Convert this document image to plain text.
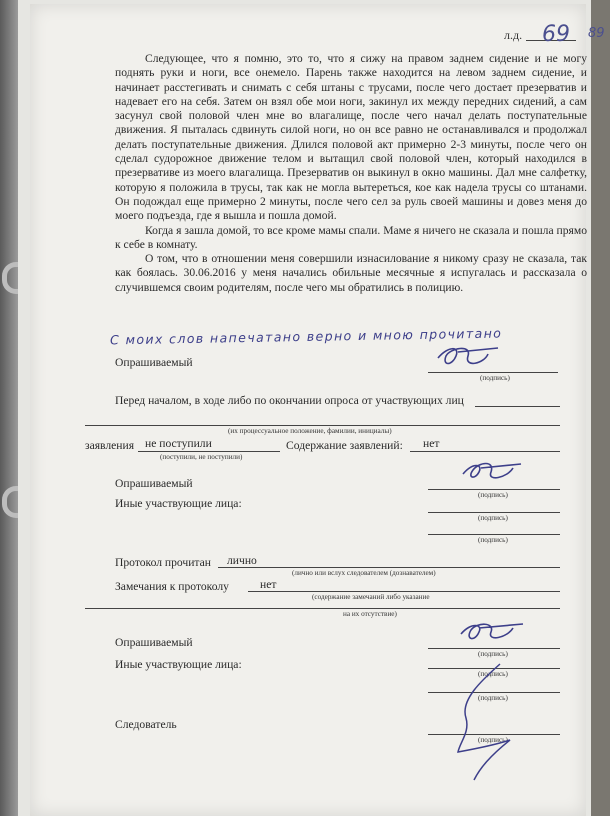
л.д. 69 89

Следующее, что я помню, это то, что я сижу на правом заднем сидение и не могу поднять руки и ноги, все онемело. Парень также находится на левом заднем сидение, и начинает расстегивать и снимать с себя штаны с трусами, после чего достает презерватив и надевает его на себя. Затем он взял обе мои ноги, закинул их между передних сидений, а сам засунул свой половой член мне во влагалище, после чего начал делать поступательные движения. Я пыталась сдвинуть силой ноги, но он все равно не останавливался и продолжал делать поступательные движения. Длился половой акт примерно 2-3 минуты, после чего он сделал судорожное движение телом и вытащил свой половой член, который находился в презервативе из моего влагалища. Презерватив он выкинул в окно машины. Дал мне салфетку, которую я положила в трусы, так как не могла вытереться, кое как надела трусы со штанами. Он подождал еще примерно 2 минуты, после чего сел за руль своей машины и довез меня до моего подъезда, где я вышла и пошла домой.

Когда я зашла домой, то все кроме мамы спали. Маме я ничего не сказала и пошла прямо к себе в комнату.

О том, что в отношении меня совершили изнасилование я никому сразу не сказала, так как боялась. 30.06.2016 у меня начались обильные месячные я испугалась и рассказала о случившемся своим родителям, после чего мы обратились в полицию.

С моих слов напечатано верно и мною прочитано
Опрашиваемый
(подпись)
Перед началом, в ходе либо по окончании опроса от участвующих лиц
(их процессуальное положение, фамилии, инициалы)
заявления не поступили
(поступили, не поступили)
Содержание заявлений: нет
Опрашиваемый
(подпись)
Иные участвующие лица:
(подпись)
(подпись)
Протокол прочитан лично
(лично или вслух следователем (дознавателем)
Замечания к протоколу	нет
(содержание замечаний либо указание
на их отсутствие)
Опрашиваемый
(подпись)
Иные участвующие лица:
(подпись)
(подпись)
Следователь
(подпись)
